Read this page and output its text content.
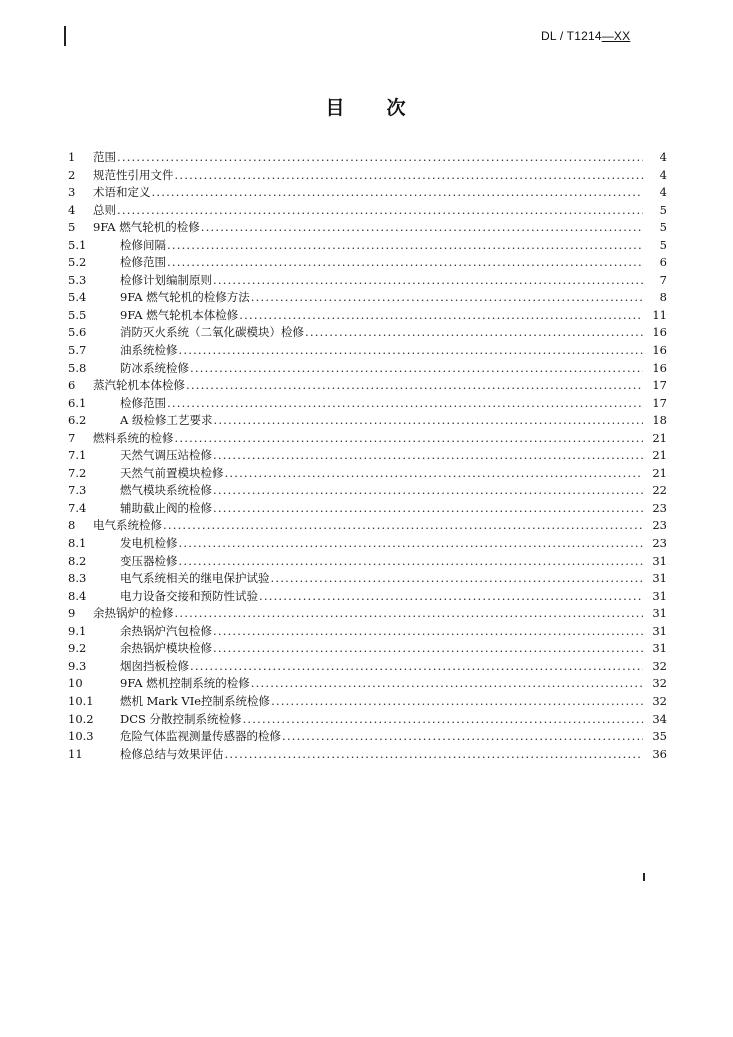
DL / T1214—XX
目 次
1	范围 .....	4
2	规范性引用文件 .....	4
3	术语和定义 .....	4
4	总则 .....	5
5	9FA 燃气轮机的检修 .....	5
5.1	检修间隔 .....	5
5.2	检修范围 .....	6
5.3	检修计划编制原则 .....	7
5.4	9FA 燃气轮机的检修方法 .....	8
5.5	9FA 燃气轮机本体检修 .....	11
5.6	消防灭火系统（二氧化碳模块）检修 .....	16
5.7	油系统检修 .....	16
5.8	防冰系统检修 .....	16
6	蒸汽轮机本体检修 .....	17
6.1	检修范围 .....	17
6.2	A 级检修工艺要求 .....	18
7	燃料系统的检修 .....	21
7.1	天然气调压站检修 .....	21
7.2	天然气前置模块检修 .....	21
7.3	燃气模块系统检修 .....	22
7.4	辅助截止阀的检修 .....	23
8	电气系统检修 .....	23
8.1	发电机检修 .....	23
8.2	变压器检修 .....	31
8.3	电气系统相关的继电保护试验 .....	31
8.4	电力设备交接和预防性试验 .....	31
9	余热锅炉的检修 .....	31
9.1	余热锅炉汽包检修 .....	31
9.2	余热锅炉模块检修 .....	31
9.3	烟囱挡板检修 .....	32
10	9FA 燃机控制系统的检修 .....	32
10.1	燃机 Mark VIe控制系统检修 .....	32
10.2	DCS 分散控制系统检修 .....	34
10.3	危险气体监视测量传感器的检修 .....	35
11	检修总结与效果评估 .....	36
